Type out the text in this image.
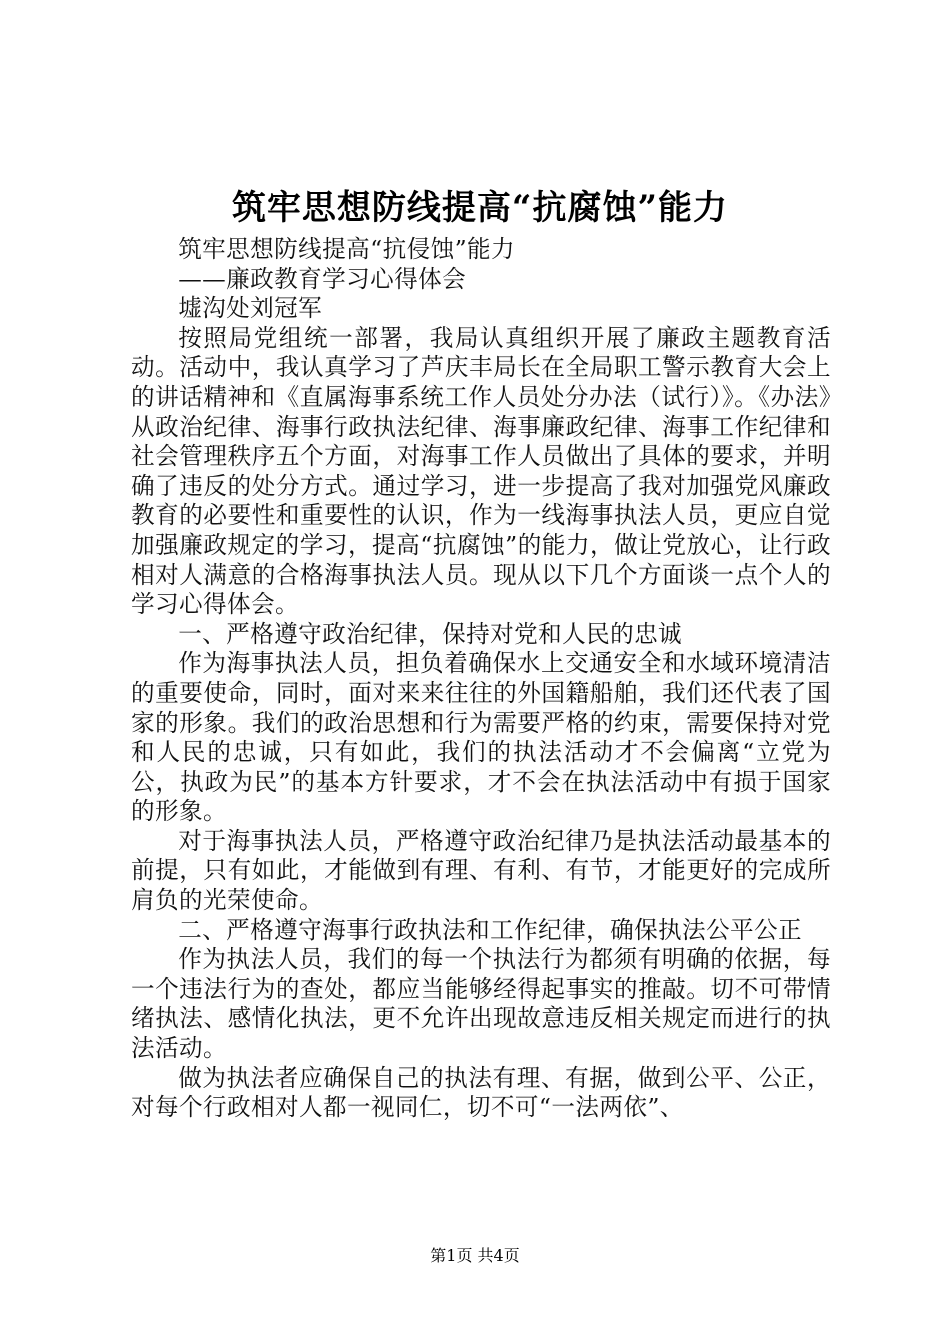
筑牢思想防线提高“抗腐蚀”能力

筑牢思想防线提高“抗侵蚀”能力

——廉政教育学习心得体会

墟沟处刘冠军

按照局党组统一部署，我局认真组织开展了廉政主题教育活动。活动中，我认真学习了芦庆丰局长在全局职工警示教育大会上的讲话精神和《直属海事系统工作人员处分办法（试行）》。《办法》从政治纪律、海事行政执法纪律、海事廉政纪律、海事工作纪律和社会管理秩序五个方面，对海事工作人员做出了具体的要求，并明确了违反的处分方式。通过学习，进一步提高了我对加强党风廉政教育的必要性和重要性的认识，作为一线海事执法人员，更应自觉加强廉政规定的学习，提高“抗腐蚀”的能力，做让党放心，让行政相对人满意的合格海事执法人员。现从以下几个方面谈一点个人的学习心得体会。

一、严格遵守政治纪律，保持对党和人民的忠诚

作为海事执法人员，担负着确保水上交通安全和水域环境清洁的重要使命，同时，面对来来往往的外国籍船舶，我们还代表了国家的形象。我们的政治思想和行为需要严格的约束，需要保持对党和人民的忠诚，只有如此，我们的执法活动才不会偏离“立党为公，执政为民”的基本方针要求，才不会在执法活动中有损于国家的形象。

对于海事执法人员，严格遵守政治纪律乃是执法活动最基本的前提，只有如此，才能做到有理、有利、有节，才能更好的完成所肩负的光荣使命。

二、严格遵守海事行政执法和工作纪律，确保执法公平公正

作为执法人员，我们的每一个执法行为都须有明确的依据，每一个违法行为的查处，都应当能够经得起事实的推敲。切不可带情绪执法、感情化执法，更不允许出现故意违反相关规定而进行的执法活动。

做为执法者应确保自己的执法有理、有据，做到公平、公正，对每个行政相对人都一视同仁，切不可“一法两依”、

第1页 共4页
